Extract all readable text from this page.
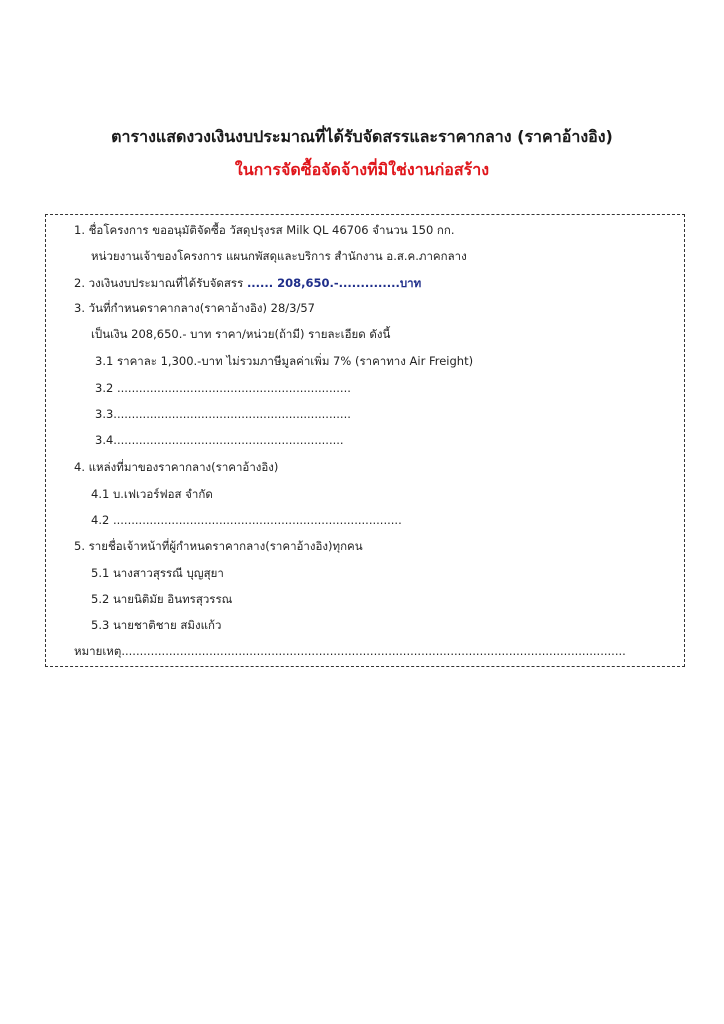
ตารางแสดงวงเงินงบประมาณที่ได้รับจัดสรรและราคากลาง (ราคาอ้างอิง)
ในการจัดซื้อจัดจ้างที่มิใช่งานก่อสร้าง
1. ชื่อโครงการ ขออนุมัติจัดซื้อ วัสดุปรุงรส Milk QL 46706 จำนวน 150 กก.
หน่วยงานเจ้าของโครงการ แผนกพัสดุและบริการ สำนักงาน อ.ส.ค.ภาคกลาง
2. วงเงินงบประมาณที่ได้รับจัดสรร ...... 208,650.-..............บาท
3. วันที่กำหนดราคากลาง(ราคาอ้างอิง) 28/3/57
เป็นเงิน 208,650.- บาท ราคา/หน่วย(ถ้ามี) รายละเอียด ดังนี้
3.1 ราคาละ 1,300.-บาท ไม่รวมภาษีมูลค่าเพิ่ม 7% (ราคาทาง Air Freight)
3.2 ................................................................
3.3.................................................................
3.4...............................................................
4. แหล่งที่มาของราคากลาง(ราคาอ้างอิง)
4.1 บ.เฟเวอร์ฟอส จำกัด
4.2 ...............................................................................
5. รายชื่อเจ้าหน้าที่ผู้กำหนดราคากลาง(ราคาอ้างอิง)ทุกคน
5.1 นางสาวสุรรณี บุญสุยา
5.2 นายนิติมัย อินทรสุวรรณ
5.3 นายชาติชาย สมิงแก้ว
หมายเหตุ..........................................................................................................................................
